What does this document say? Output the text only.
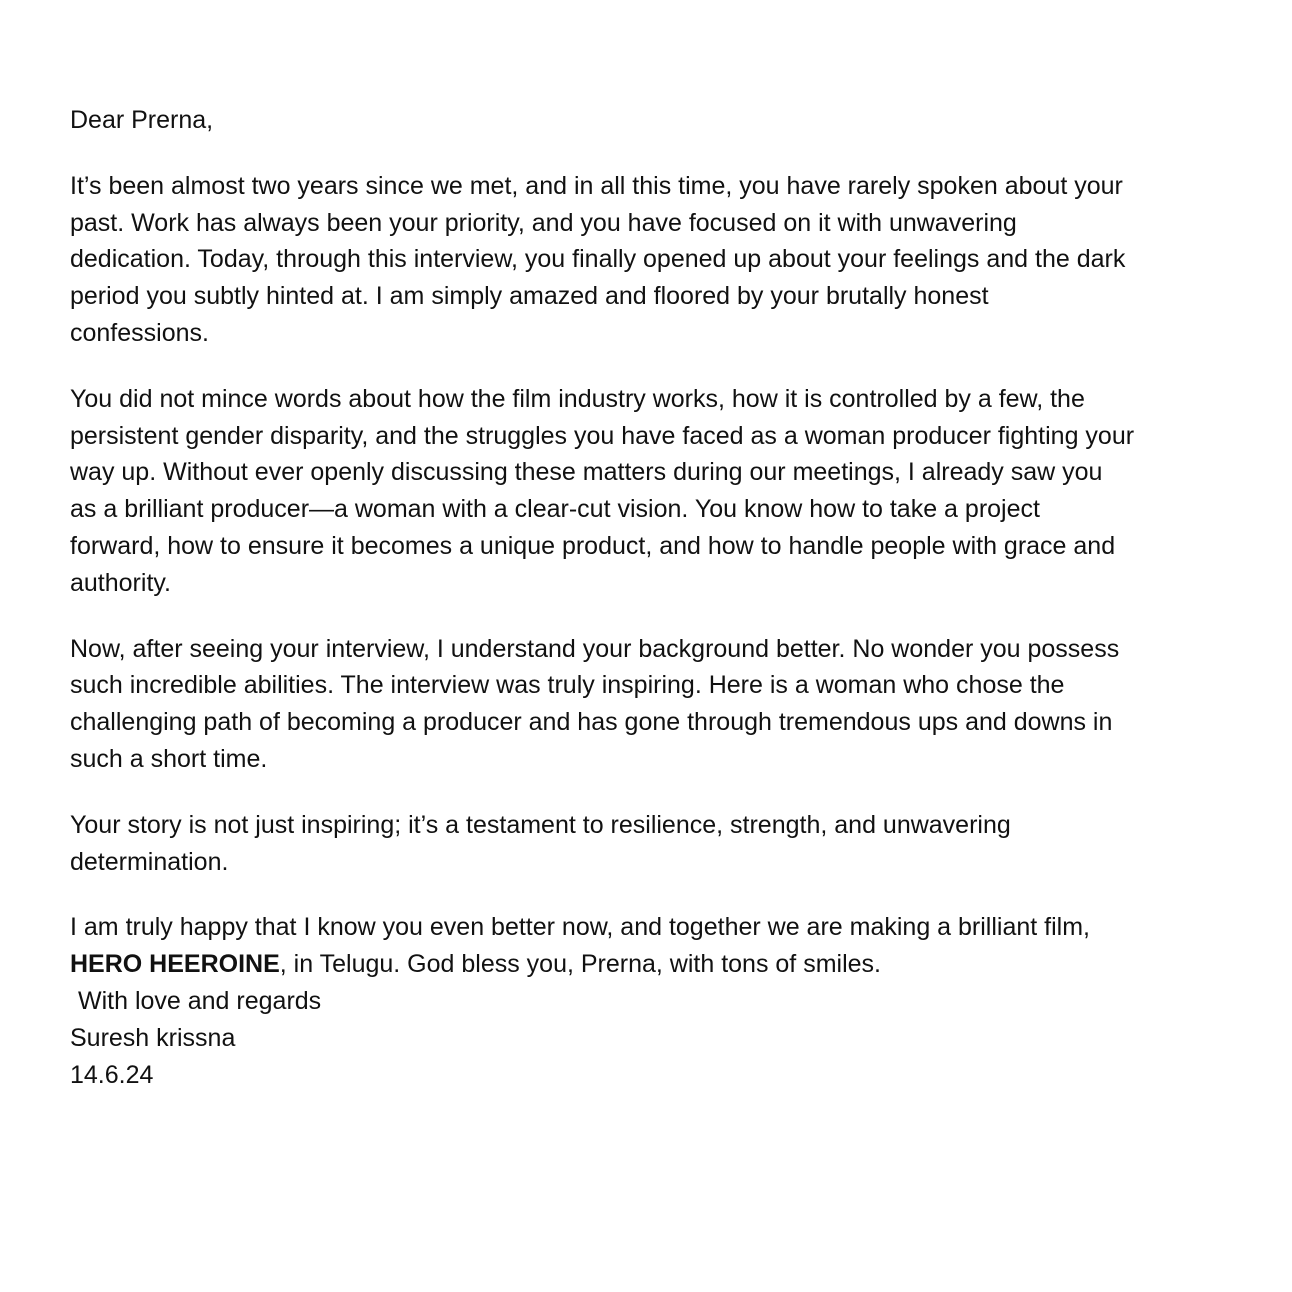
Dear Prerna,

It’s been almost two years since we met, and in all this time, you have rarely spoken about your
past. Work has always been your priority, and you have focused on it with unwavering
dedication. Today, through this interview, you finally opened up about your feelings and the dark
period you subtly hinted at. I am simply amazed and floored by your brutally honest
confessions.

You did not mince words about how the film industry works, how it is controlled by a few, the
persistent gender disparity, and the struggles you have faced as a woman producer fighting your
way up. Without ever openly discussing these matters during our meetings, I already saw you
as a brilliant producer—a woman with a clear-cut vision. You know how to take a project
forward, how to ensure it becomes a unique product, and how to handle people with grace and
authority.

Now, after seeing your interview, I understand your background better. No wonder you possess
such incredible abilities. The interview was truly inspiring. Here is a woman who chose the
challenging path of becoming a producer and has gone through tremendous ups and downs in
such a short time.

Your story is not just inspiring; it’s a testament to resilience, strength, and unwavering
determination.

I am truly happy that I know you even better now, and together we are making a brilliant film,

HERO HEEROINE, in Telugu. God bless you, Prerna, with tons of smiles.

With love and regards

Suresh krissna

14.6.24
